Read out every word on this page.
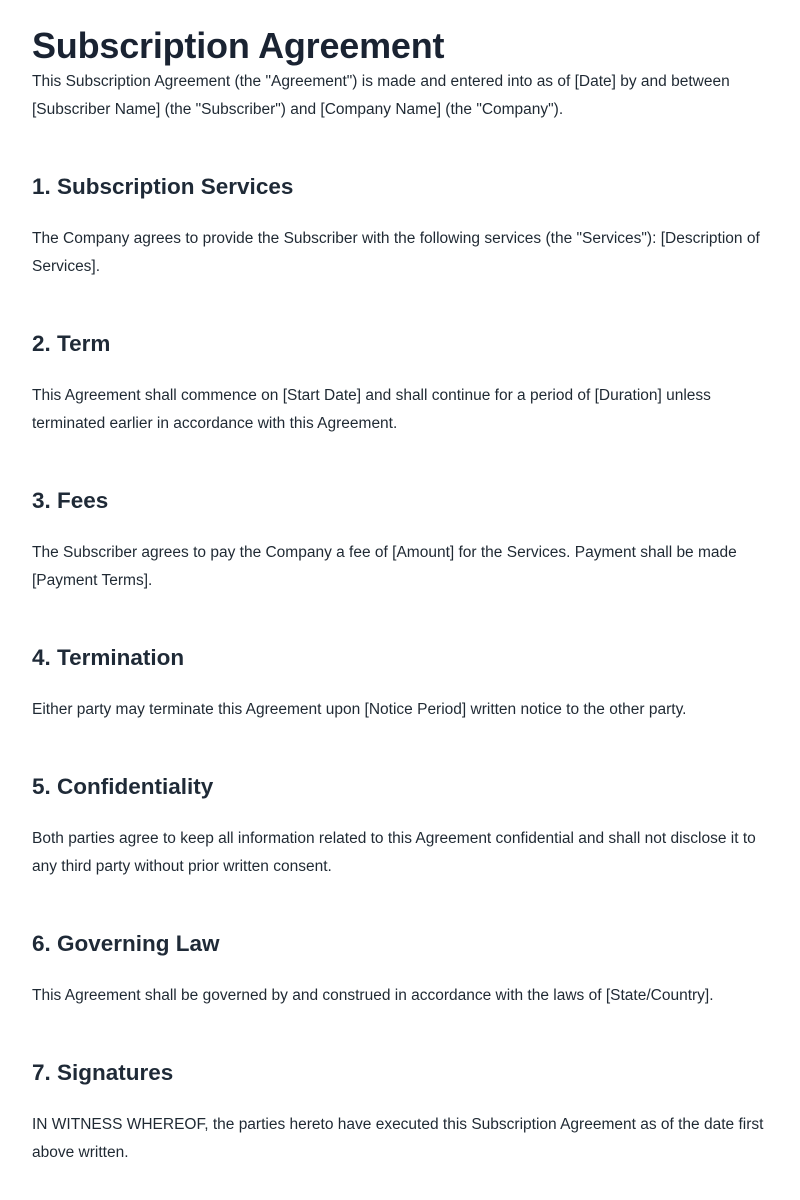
Subscription Agreement

This Subscription Agreement (the "Agreement") is made and entered into as of [Date] by and between [Subscriber Name] (the "Subscriber") and [Company Name] (the "Company").

1. Subscription Services

The Company agrees to provide the Subscriber with the following services (the "Services"): [Description of Services].

2. Term

This Agreement shall commence on [Start Date] and shall continue for a period of [Duration] unless terminated earlier in accordance with this Agreement.

3. Fees

The Subscriber agrees to pay the Company a fee of [Amount] for the Services. Payment shall be made [Payment Terms].

4. Termination

Either party may terminate this Agreement upon [Notice Period] written notice to the other party.

5. Confidentiality

Both parties agree to keep all information related to this Agreement confidential and shall not disclose it to any third party without prior written consent.

6. Governing Law

This Agreement shall be governed by and construed in accordance with the laws of [State/Country].

7. Signatures

IN WITNESS WHEREOF, the parties hereto have executed this Subscription Agreement as of the date first above written.
